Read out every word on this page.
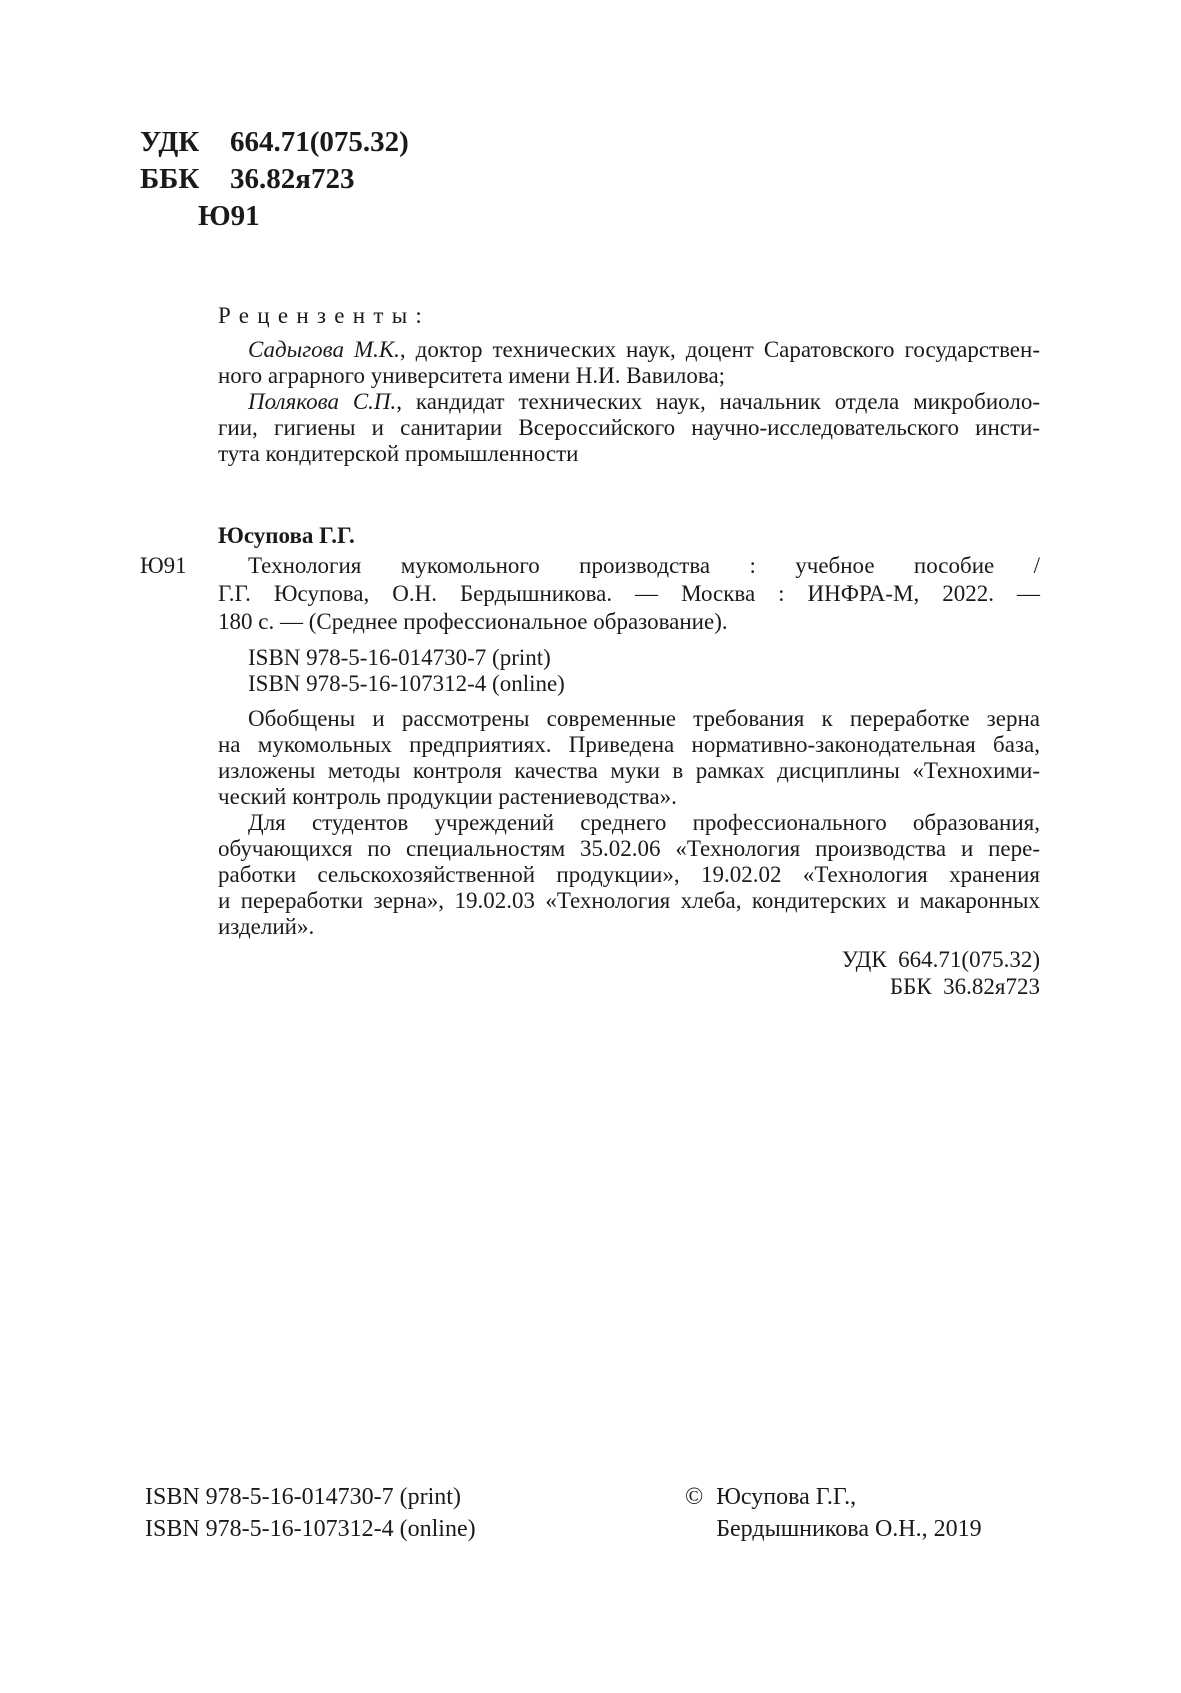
УДК 664.71(075.32)
ББК 36.82я723
Ю91
Рецензенты:
Садыгова М.К., доктор технических наук, доцент Саратовского государствен-
ного аграрного университета имени Н.И. Вавилова;
Полякова С.П., кандидат технических наук, начальник отдела микробиоло-
гии, гигиены и санитарии Всероссийского научно-исследовательского инсти-
тута кондитерской промышленности
Юсупова Г.Г.
Ю91	Технология мукомольного производства : учебное пособие /
Г.Г. Юсупова, О.Н. Бердышникова. — Москва : ИНФРА-М, 2022. —
180 с. — (Среднее профессиональное образование).
ISBN 978-5-16-014730-7 (print)
ISBN 978-5-16-107312-4 (online)
Обобщены и рассмотрены современные требования к переработке зерна
на мукомольных предприятиях. Приведена нормативно-законодательная база,
изложены методы контроля качества муки в рамках дисциплины «Технохими-
ческий контроль продукции растениеводства».
Для студентов учреждений среднего профессионального образования,
обучающихся по специальностям 35.02.06 «Технология производства и пере-
работки сельскохозяйственной продукции», 19.02.02 «Технология хранения
и переработки зерна», 19.02.03 «Технология хлеба, кондитерских и макаронных
изделий».
УДК  664.71(075.32)
ББК  36.82я723
ISBN 978-5-16-014730-7 (print)
ISBN 978-5-16-107312-4 (online)
© Юсупова Г.Г.,
Бердышникова О.Н., 2019
